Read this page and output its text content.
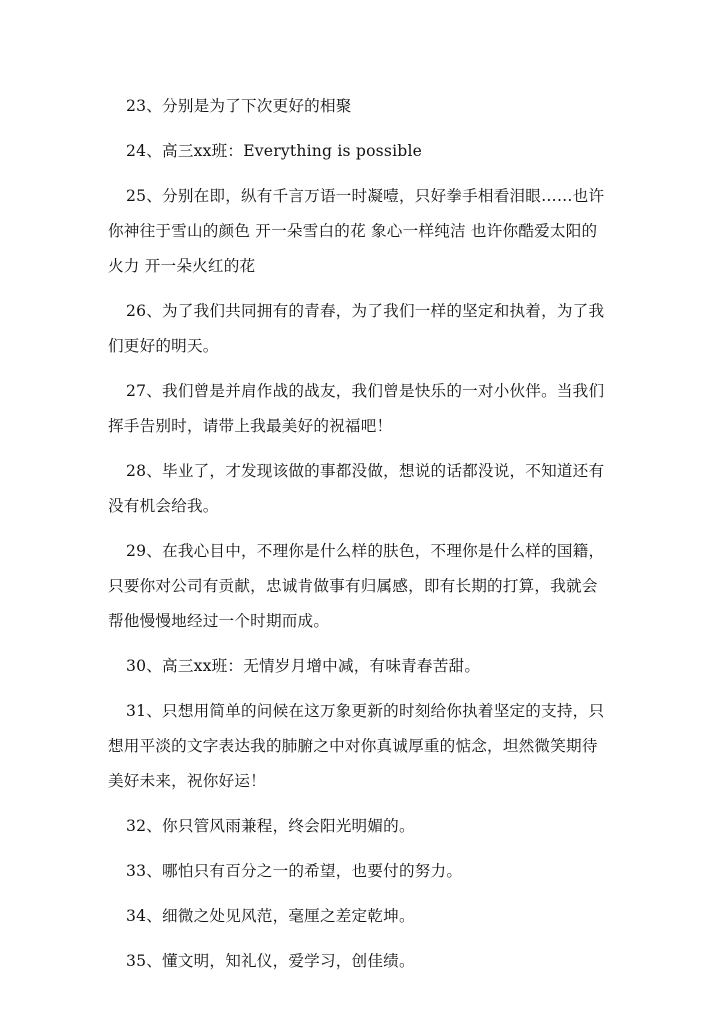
23、分别是为了下次更好的相聚

24、高三xx班：Everything is possible

25、分别在即，纵有千言万语一时凝噎，只好拳手相看泪眼……也许你神往于雪山的颜色 开一朵雪白的花 象心一样纯洁 也许你酷爱太阳的火力 开一朵火红的花

26、为了我们共同拥有的青春，为了我们一样的坚定和执着，为了我们更好的明天。

27、我们曾是并肩作战的战友，我们曾是快乐的一对小伙伴。当我们挥手告别时，请带上我最美好的祝福吧！

28、毕业了，才发现该做的事都没做，想说的话都没说，不知道还有没有机会给我。

29、在我心目中，不理你是什么样的肤色，不理你是什么样的国籍，只要你对公司有贡献，忠诚肯做事有归属感，即有长期的打算，我就会帮他慢慢地经过一个时期而成。

30、高三xx班：无情岁月增中减，有味青春苦甜。

31、只想用简单的问候在这万象更新的时刻给你执着坚定的支持，只想用平淡的文字表达我的肺腑之中对你真诚厚重的惦念，坦然微笑期待美好未来，祝你好运！

32、你只管风雨兼程，终会阳光明媚的。

33、哪怕只有百分之一的希望，也要付的努力。

34、细微之处见风范，毫厘之差定乾坤。

35、懂文明，知礼仪，爱学习，创佳绩。
